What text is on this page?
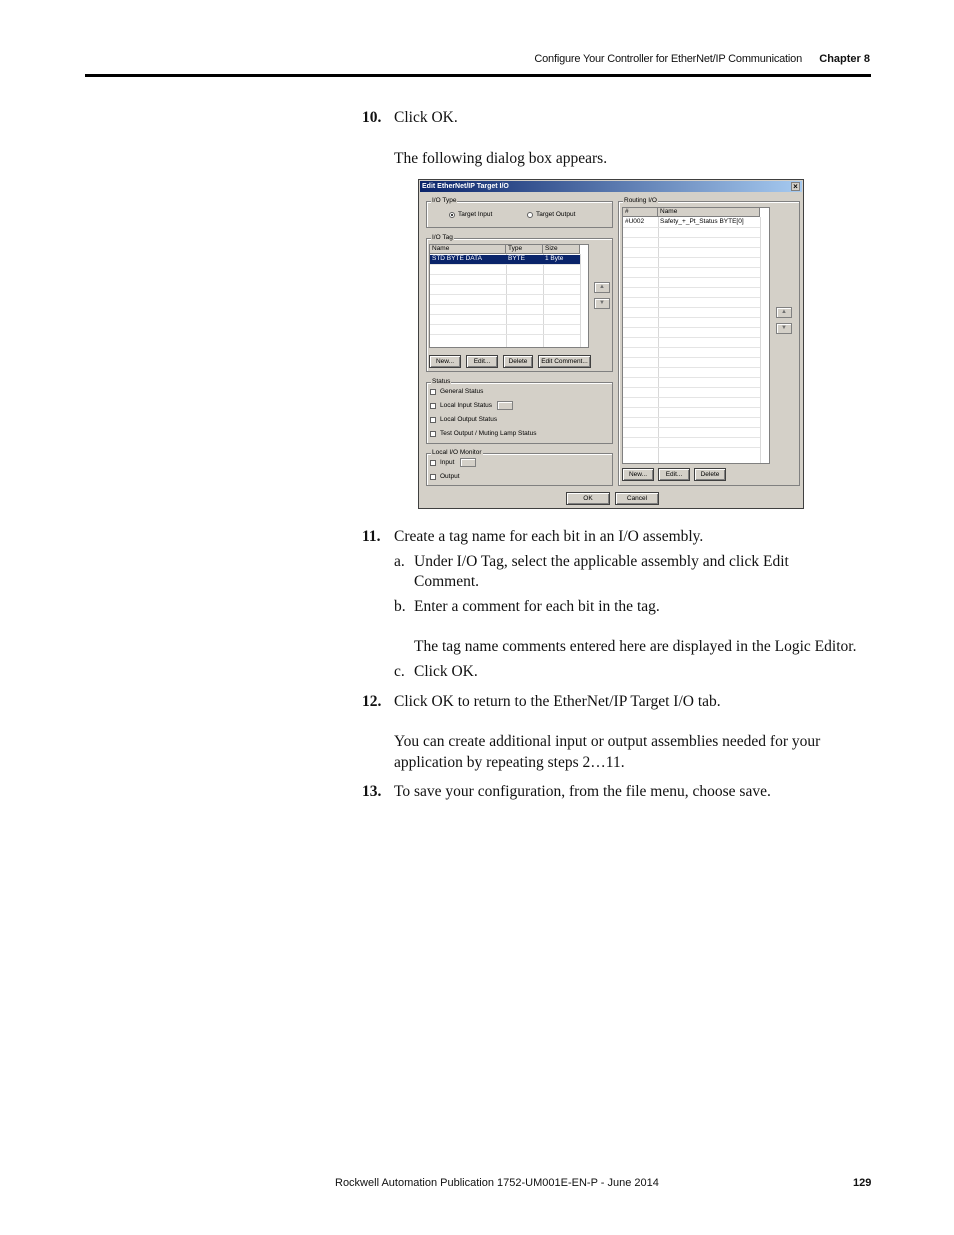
Configure Your Controller for EtherNet/IP Communication Chapter 8
10. Click OK.
The following dialog box appears.
Edit EtherNet/IP Target I/O	×
I/O Type
Target Input	Target Output
I/O Tag
Name	Type	Size
STD BYTE DATA	BYTE	1 Byte
▲
▼
New...	Edit...	Delete	Edit Comment...
Status
General Status
Local Input Status
Local Output Status
Test Output / Muting Lamp Status
Local I/O Monitor
Input
Output
Routing I/O
#	Name
#U002	Safety_+_Pt_Status BYTE[0]
▲
▼
New...	Edit...	Delete
OK	Cancel
11. Create a tag name for each bit in an I/O assembly.
a. Under I/O Tag, select the applicable assembly and click Edit
Comment.
b. Enter a comment for each bit in the tag.
The tag name comments entered here are displayed in the Logic Editor.
c. Click OK.
12. Click OK to return to the EtherNet/IP Target I/O tab.
You can create additional input or output assemblies needed for your
application by repeating steps 2…11.
13. To save your configuration, from the file menu, choose save.
Rockwell Automation Publication 1752-UM001E-EN-P - June 2014	129
